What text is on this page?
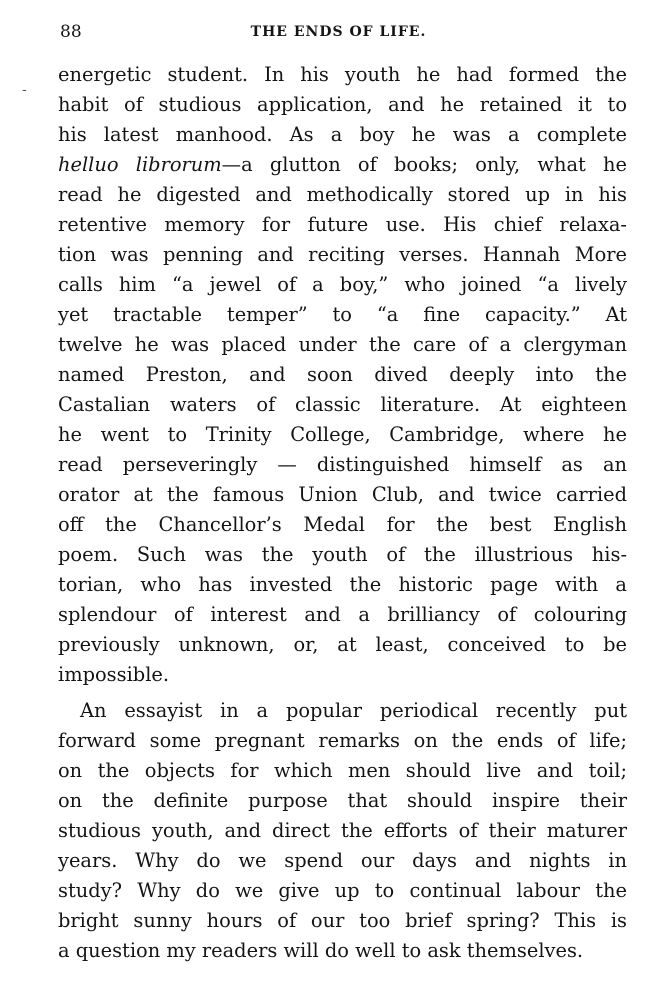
88	THE ENDS OF LIFE.
-
energetic student. In his youth he had formed the
habit of studious application, and he retained it to
his latest manhood. As a boy he was a complete
helluo librorum—a glutton of books; only, what he
read he digested and methodically stored up in his
retentive memory for future use. His chief relaxa-
tion was penning and reciting verses. Hannah More
calls him “a jewel of a boy,” who joined “a lively
yet tractable temper” to “a fine capacity.” At
twelve he was placed under the care of a clergyman
named Preston, and soon dived deeply into the
Castalian waters of classic literature. At eighteen
he went to Trinity College, Cambridge, where he
read perseveringly — distinguished himself as an
orator at the famous Union Club, and twice carried
off the Chancellor’s Medal for the best English
poem. Such was the youth of the illustrious his-
torian, who has invested the historic page with a
splendour of interest and a brilliancy of colouring
previously unknown, or, at least, conceived to be
impossible.
An essayist in a popular periodical recently put
forward some pregnant remarks on the ends of life;
on the objects for which men should live and toil;
on the definite purpose that should inspire their
studious youth, and direct the efforts of their maturer
years. Why do we spend our days and nights in
study? Why do we give up to continual labour the
bright sunny hours of our too brief spring? This is
a question my readers will do well to ask themselves.
